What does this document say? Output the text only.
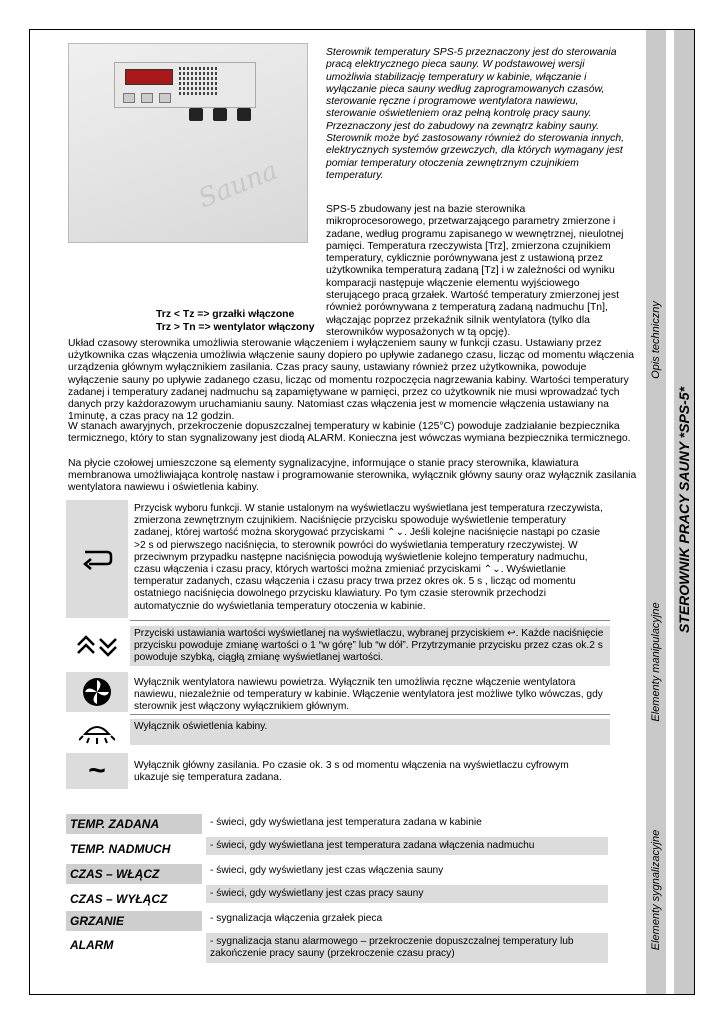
Opis techniczny
Elementy manipulacyjne
Elementy sygnalizacyjne
STEROWNIK PRACY SAUNY *SPS-5*
Sauna
Sterownik temperatury SPS-5 przeznaczony jest do sterowania pracą elektrycznego pieca sauny. W podstawowej wersji umożliwia stabilizację temperatury w kabinie, włączanie i wyłączanie pieca sauny według zaprogramowanych czasów, sterowanie ręczne i programowe wentylatora nawiewu, sterowanie oświetleniem oraz pełną kontrolę pracy sauny. Przeznaczony jest do zabudowy na zewnątrz kabiny sauny. Sterownik może być zastosowany również do sterowania innych, elektrycznych systemów grzewczych, dla których wymagany jest pomiar temperatury otoczenia zewnętrznym czujnikiem temperatury.
SPS-5 zbudowany jest na bazie sterownika mikroprocesorowego, przetwarzającego parametry zmierzone i zadane, według programu zapisanego w wewnętrznej, nieulotnej pamięci. Temperatura rzeczywista [Trz], zmierzona czujnikiem temperatury, cyklicznie porównywana jest z ustawioną przez użytkownika temperaturą zadaną [Tz] i w zależności od wyniku komparacji następuje włączenie elementu wyjściowego sterującego pracą grzałek. Wartość temperatury zmierzonej jest również porównywana z temperaturą zadaną nadmuchu [Tn], włączając poprzez przekaźnik silnik wentylatora (tylko dla sterowników wyposażonych w tą opcję).
Trz < Tz => grzałki włączone
Trz > Tn => wentylator włączony
Układ czasowy sterownika umożliwia sterowanie włączeniem i wyłączeniem sauny w funkcji czasu. Ustawiany przez użytkownika czas włączenia umożliwia włączenie sauny dopiero po upływie zadanego czasu, licząc od momentu włączenia urządzenia głównym wyłącznikiem zasilania. Czas pracy sauny, ustawiany również przez użytkownika, powoduje wyłączenie sauny po upływie zadanego czasu, licząc od momentu rozpoczęcia nagrzewania kabiny. Wartości temperatury zadanej i temperatury zadanej nadmuchu są zapamiętywane w pamięci, przez co użytkownik nie musi wprowadzać tych danych przy każdorazowym uruchamianiu sauny. Natomiast czas włączenia jest w momencie włączenia ustawiany na 1minutę, a czas pracy na 12 godzin.
W stanach awaryjnych, przekroczenie dopuszczalnej temperatury w kabinie (125°C) powoduje zadziałanie bezpiecznika termicznego, który to stan sygnalizowany jest diodą ALARM. Konieczna jest wówczas wymiana bezpiecznika termicznego.
Na płycie czołowej umieszczone są elementy sygnalizacyjne, informujące o stanie pracy sterownika, klawiatura membranowa umożliwiająca kontrolę nastaw i programowanie sterownika, wyłącznik główny sauny oraz wyłącznik zasilania wentylatora nawiewu i oświetlenia kabiny.
Przycisk wyboru funkcji. W stanie ustalonym na wyświetlaczu wyświetlana jest temperatura rzeczywista, zmierzona zewnętrznym czujnikiem. Naciśnięcie przycisku spowoduje wyświetlenie temperatury zadanej, której wartość można skorygować przyciskami ⌃⌄. Jeśli kolejne naciśnięcie nastąpi po czasie >2 s od pierwszego naciśnięcia, to sterownik powróci do wyświetlania temperatury rzeczywistej. W przeciwnym przypadku następne naciśnięcia powodują wyświetlenie kolejno temperatury nadmuchu, czasu włączenia i czasu pracy, których wartości można zmieniać przyciskami ⌃⌄. Wyświetlanie temperatur zadanych, czasu włączenia i czasu pracy trwa przez okres ok. 5 s , licząc od momentu ostatniego naciśnięcia dowolnego przycisku klawiatury. Po tym czasie sterownik przechodzi automatycznie do wyświetlania temperatury otoczenia w kabinie.
Przyciski ustawiania wartości wyświetlanej na wyświetlaczu, wybranej przyciskiem ↩. Każde naciśnięcie przycisku powoduje zmianę wartości o 1 “w górę” lub “w dół”. Przytrzymanie przycisku przez czas ok.2 s powoduje szybką, ciągłą zmianę wyświetlanej wartości.
Wyłącznik wentylatora nawiewu powietrza. Wyłącznik ten umożliwia ręczne włączenie wentylatora nawiewu, niezależnie od temperatury w kabinie. Włączenie wentylatora jest możliwe tylko wówczas, gdy sterownik jest włączony wyłącznikiem głównym.
Wyłącznik oświetlenia kabiny.
~	Wyłącznik główny zasilania. Po czasie ok. 3 s od momentu włączenia na wyświetlaczu cyfrowym ukazuje się temperatura zadana.
TEMP. ZADANA	- świeci, gdy wyświetlana jest temperatura zadana w kabinie
TEMP. NADMUCH	- świeci, gdy wyświetlana jest temperatura zadana włączenia nadmuchu
CZAS – WŁĄCZ	- świeci, gdy wyświetlany jest czas włączenia sauny
CZAS – WYŁĄCZ	- świeci, gdy wyświetlany jest czas pracy sauny
GRZANIE	- sygnalizacja włączenia grzałek pieca
ALARM	- sygnalizacja stanu alarmowego – przekroczenie dopuszczalnej temperatury lub zakończenie pracy sauny (przekroczenie czasu pracy)
